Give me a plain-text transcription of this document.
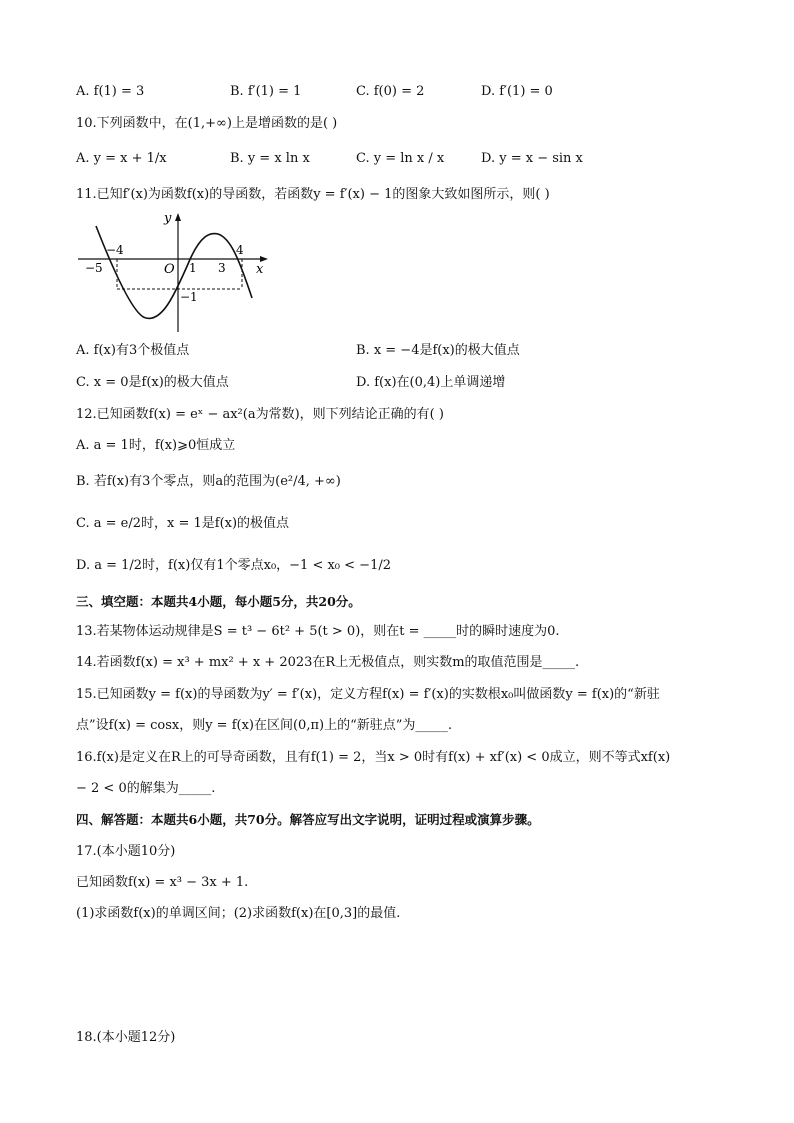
A. f(1) = 3	B. f′(1) = 1	C. f(0) = 2	D. f′(1) = 0
10.下列函数中，在(1,+∞)上是增函数的是( )
A. y = x + 1/x	B. y = x ln x	C. y = ln x / x	D. y = x − sin x
11.已知f′(x)为函数f(x)的导函数，若函数y = f′(x) − 1的图象大致如图所示，则( )
y
x
O
−4
−5	1 3
4
−1
A. f(x)有3个极值点	B. x = −4是f(x)的极大值点
C. x = 0是f(x)的极大值点	D. f(x)在(0,4)上单调递增
12.已知函数f(x) = eˣ − ax²(a为常数)，则下列结论正确的有( )
A. a = 1时，f(x)⩾0恒成立
B. 若f(x)有3个零点，则a的范围为(e²/4, +∞)
C. a = e/2时，x = 1是f(x)的极值点
D. a = 1/2时，f(x)仅有1个零点x₀，−1 < x₀ < −1/2
三、填空题：本题共4小题，每小题5分，共20分。
13.若某物体运动规律是S = t³ − 6t² + 5(t > 0)，则在t = _____时的瞬时速度为0.
14.若函数f(x) = x³ + mx² + x + 2023在R上无极值点，则实数m的取值范围是_____.
15.已知函数y = f(x)的导函数为y′ = f′(x)，定义方程f(x) = f′(x)的实数根x₀叫做函数y = f(x)的“新驻
点”设f(x) = cosx，则y = f(x)在区间(0,π)上的“新驻点”为_____.
16.f(x)是定义在R上的可导奇函数，且有f(1) = 2，当x > 0时有f(x) + xf′(x) < 0成立，则不等式xf(x)
− 2 < 0的解集为_____.
四、解答题：本题共6小题，共70分。解答应写出文字说明，证明过程或演算步骤。
17.(本小题10分)
已知函数f(x) = x³ − 3x + 1.
(1)求函数f(x)的单调区间；(2)求函数f(x)在[0,3]的最值.
18.(本小题12分)
